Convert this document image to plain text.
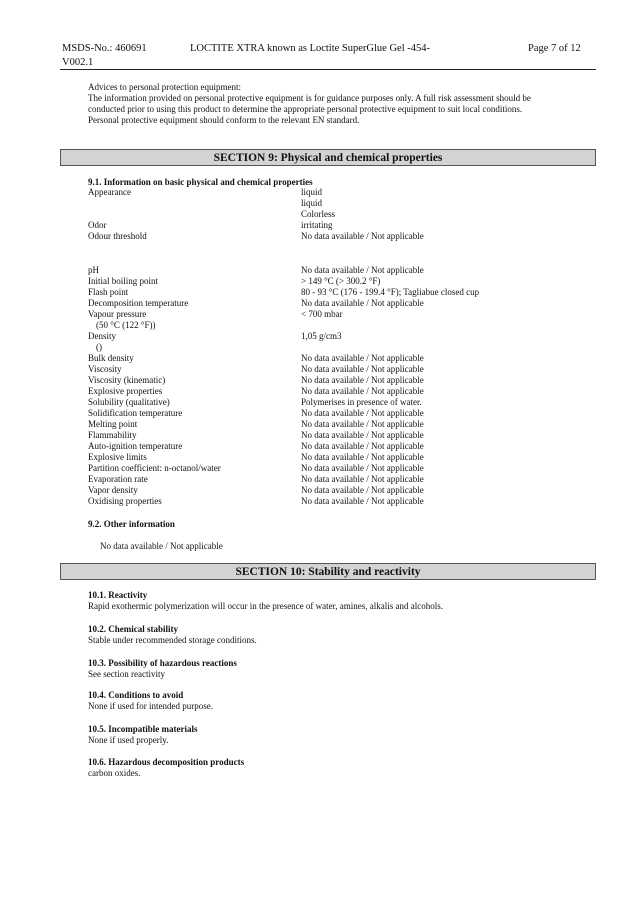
MSDS-No.: 460691
V002.1
LOCTITE XTRA known as Loctite SuperGlue Gel -454-	Page 7 of 12
Advices to personal protection equipment:
The information provided on personal protective equipment is for guidance purposes only. A full risk assessment should be
conducted prior to using this product to determine the appropriate personal protective equipment to suit local conditions.
Personal protective equipment should conform to the relevant EN standard.
SECTION 9: Physical and chemical properties
9.1. Information on basic physical and chemical properties
Appearance	liquid
liquid
Colorless
Odor	irritating
Odour threshold	No data available / Not applicable
pH	No data available / Not applicable
Initial boiling point	> 149 °C (> 300.2 °F)
Flash point	80 - 93 °C (176 - 199.4 °F); Tagliabue closed cup
Decomposition temperature	No data available / Not applicable
Vapour pressure	< 700 mbar
(50 °C (122 °F))
Density	1,05 g/cm3
()
Bulk density	No data available / Not applicable
Viscosity	No data available / Not applicable
Viscosity (kinematic)	No data available / Not applicable
Explosive properties	No data available / Not applicable
Solubility (qualitative)	Polymerises in presence of water.
Solidification temperature	No data available / Not applicable
Melting point	No data available / Not applicable
Flammability	No data available / Not applicable
Auto-ignition temperature	No data available / Not applicable
Explosive limits	No data available / Not applicable
Partition coefficient: n-octanol/water	No data available / Not applicable
Evaporation rate	No data available / Not applicable
Vapor density	No data available / Not applicable
Oxidising properties	No data available / Not applicable
9.2. Other information
No data available / Not applicable
SECTION 10: Stability and reactivity
10.1. Reactivity
Rapid exothermic polymerization will occur in the presence of water, amines, alkalis and alcohols.
10.2. Chemical stability
Stable under recommended storage conditions.
10.3. Possibility of hazardous reactions
See section reactivity
10.4. Conditions to avoid
None if used for intended purpose.
10.5. Incompatible materials
None if used properly.
10.6. Hazardous decomposition products
carbon oxides.
